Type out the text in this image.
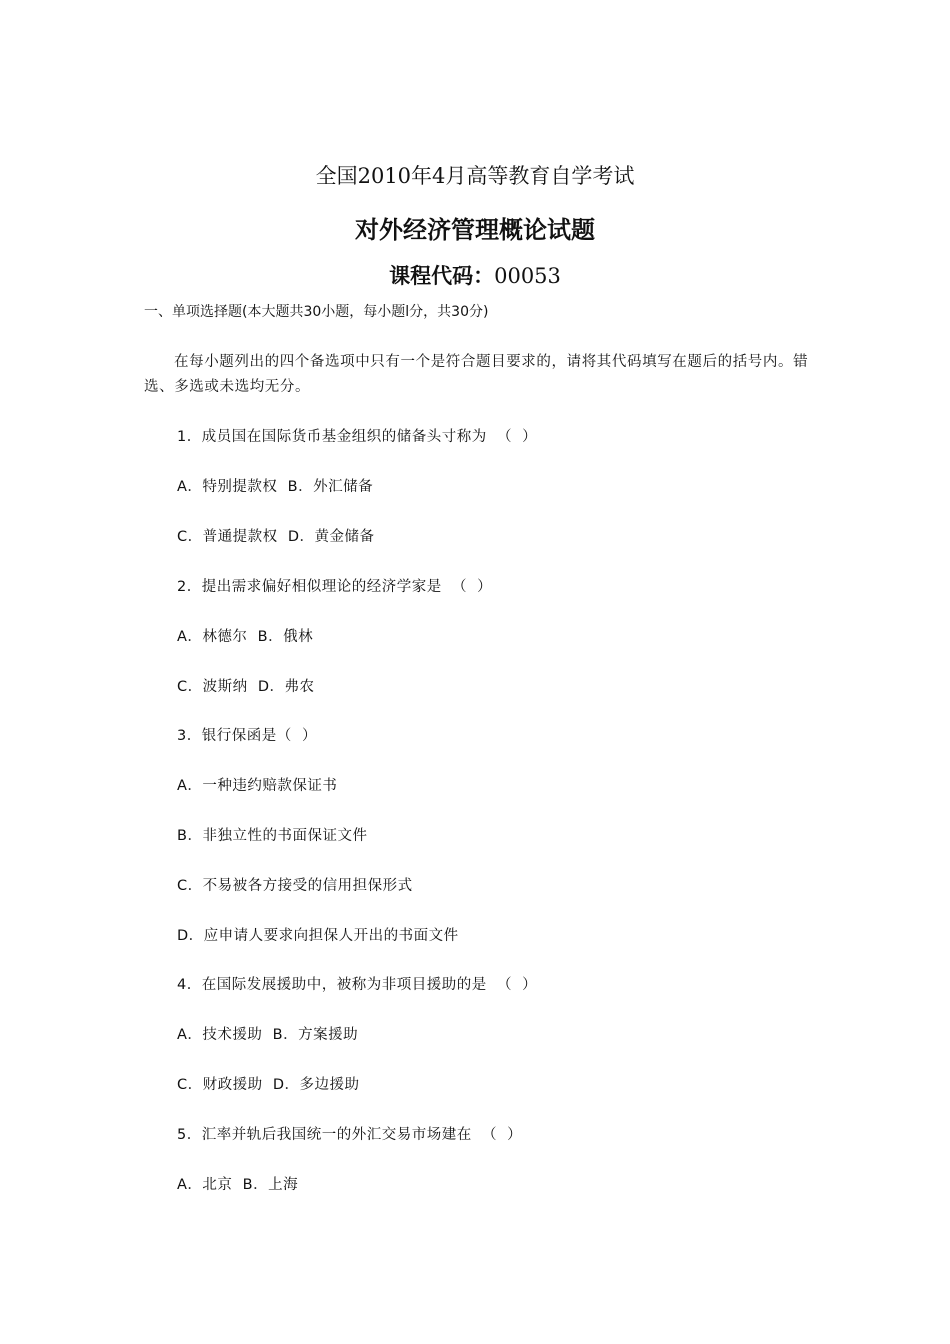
全国2010年4月高等教育自学考试
对外经济管理概论试题
课程代码：00053
一、单项选择题(本大题共30小题，每小题l分，共30分)
在每小题列出的四个备选项中只有一个是符合题目要求的，请将其代码填写在题后的括号内。错选、多选或未选均无分。
1．成员国在国际货币基金组织的储备头寸称为  （  ）
A．特别提款权  B．外汇储备
C．普通提款权  D．黄金储备
2．提出需求偏好相似理论的经济学家是  （  ）
A．林德尔  B．俄林
C．波斯纳  D．弗农
3．银行保函是（  ）
A．一种违约赔款保证书
B．非独立性的书面保证文件
C．不易被各方接受的信用担保形式
D．应申请人要求向担保人开出的书面文件
4．在国际发展援助中，被称为非项目援助的是  （  ）
A．技术援助  B．方案援助
C．财政援助  D．多边援助
5．汇率并轨后我国统一的外汇交易市场建在  （  ）
A．北京  B．上海
